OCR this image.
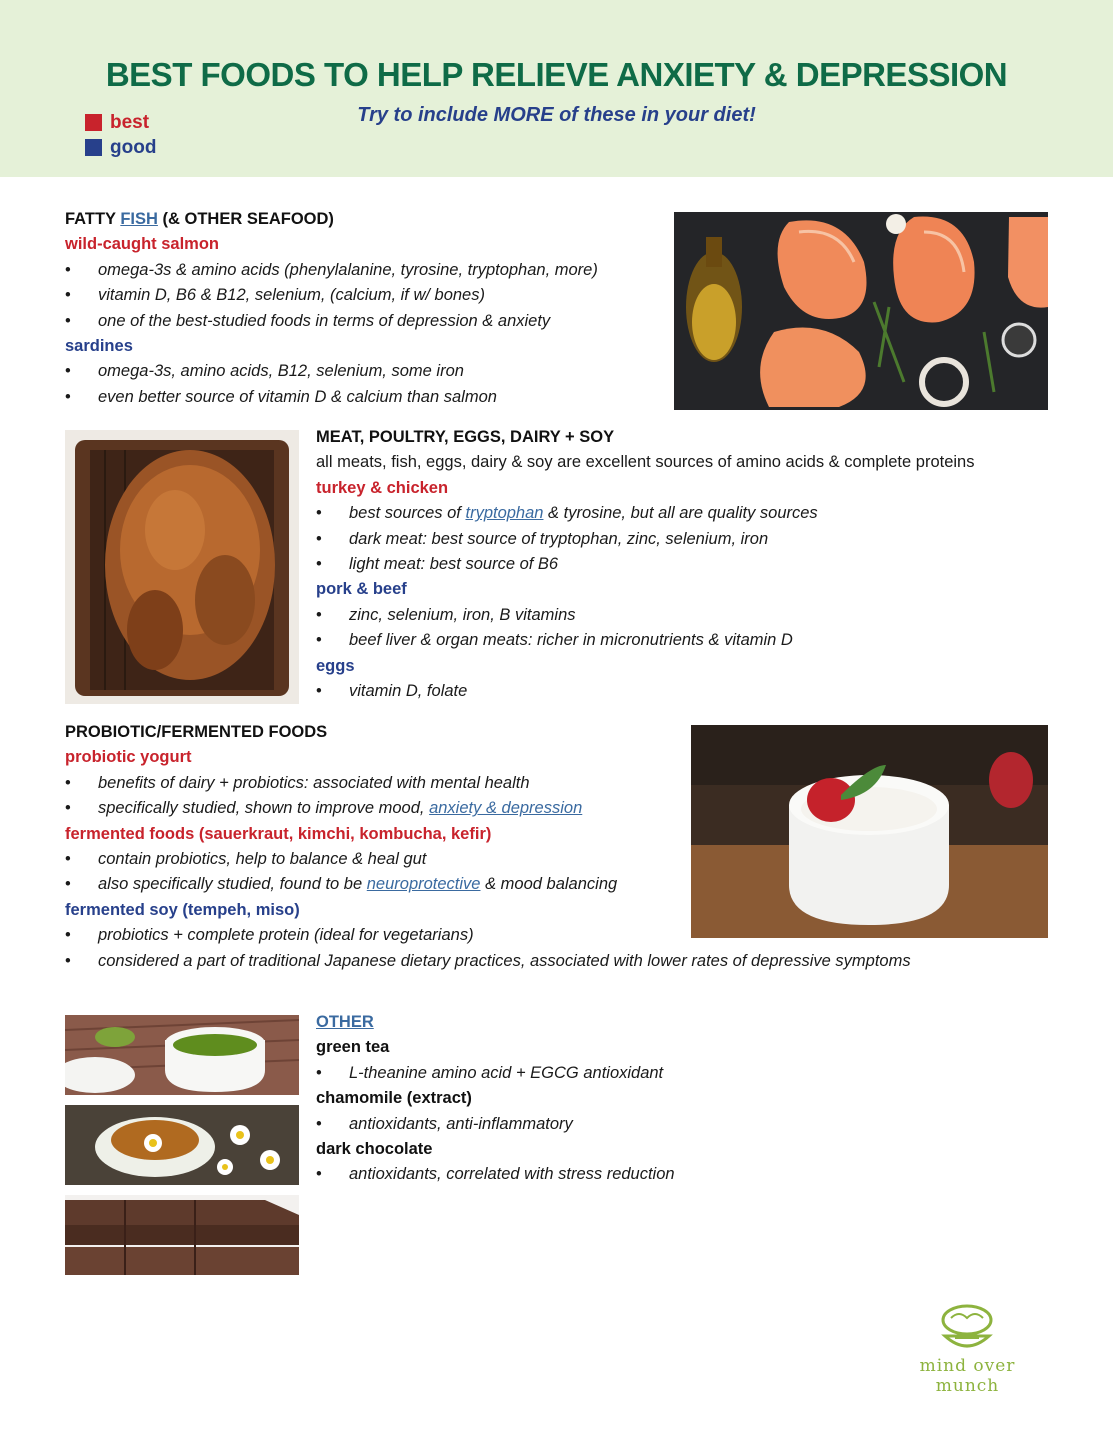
BEST FOODS TO HELP RELIEVE ANXIETY & DEPRESSION
Try to include MORE of these in your diet!
best
good
FATTY FISH (& OTHER SEAFOOD)
wild-caught salmon
•	omega-3s & amino acids (phenylalanine, tyrosine, tryptophan, more)
•	vitamin D, B6 & B12, selenium, (calcium, if w/ bones)
•	one of the best-studied foods in terms of depression & anxiety
sardines
•	omega-3s, amino acids, B12, selenium, some iron
•	even better source of vitamin D & calcium than salmon
MEAT, POULTRY, EGGS, DAIRY + SOY
all meats, fish, eggs, dairy & soy are excellent sources of amino acids & complete proteins
turkey & chicken
•	best sources of tryptophan & tyrosine, but all are quality sources
•	dark meat: best source of tryptophan, zinc, selenium, iron
•	light meat: best source of B6
pork & beef
•	zinc, selenium, iron, B vitamins
•	beef liver & organ meats: richer in micronutrients & vitamin D
eggs
•	vitamin D, folate
PROBIOTIC/FERMENTED FOODS
probiotic yogurt
•	benefits of dairy + probiotics: associated with mental health
•	specifically studied, shown to improve mood, anxiety & depression
fermented foods (sauerkraut, kimchi, kombucha, kefir)
•	contain probiotics, help to balance & heal gut
•	also specifically studied, found to be neuroprotective & mood balancing
fermented soy (tempeh, miso)
•	probiotics + complete protein (ideal for vegetarians)
•	considered a part of traditional Japanese dietary practices, associated with lower rates of depressive symptoms
OTHER
green tea
•	L-theanine amino acid + EGCG antioxidant
chamomile (extract)
•	antioxidants, anti-inflammatory
dark chocolate
•	antioxidants, correlated with stress reduction
mind over munch
